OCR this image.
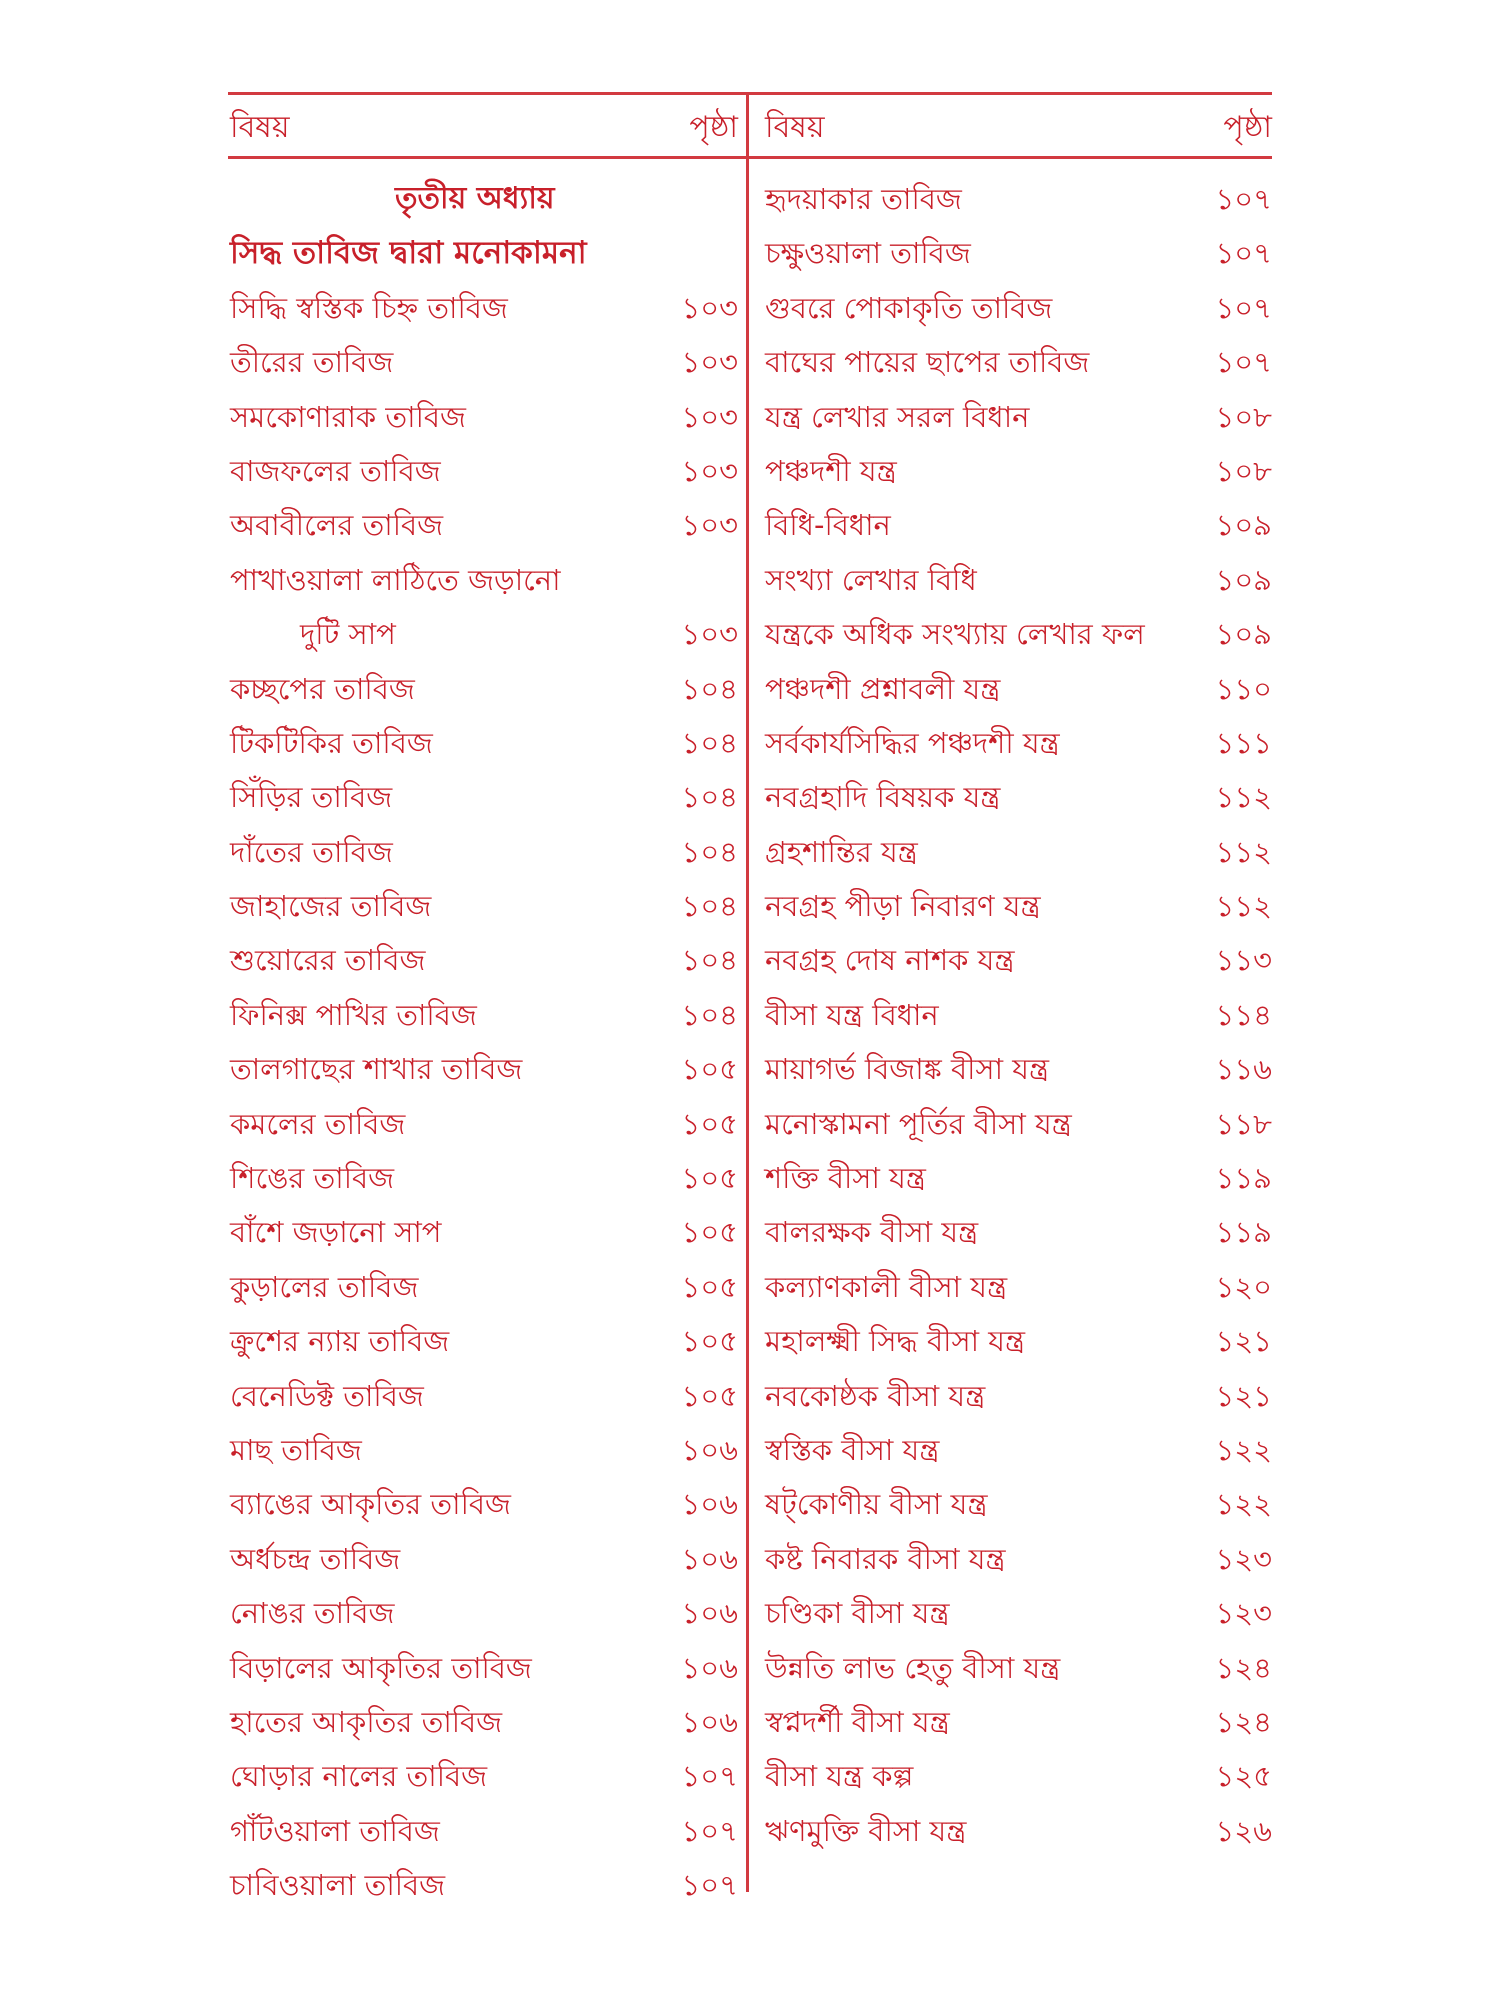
বিষয়	পৃষ্ঠা বিষয়	পৃষ্ঠা
তৃতীয় অধ্যায়
সিদ্ধ তাবিজ দ্বারা মনোকামনা
সিদ্ধি স্বস্তিক চিহ্ন তাবিজ	১০৩
তীরের তাবিজ	১০৩
সমকোণারাক তাবিজ	১০৩
বাজফলের তাবিজ	১০৩
অবাবীলের তাবিজ	১০৩
পাখাওয়ালা লাঠিতে জড়ানো
দুটি সাপ	১০৩
কচ্ছপের তাবিজ	১০৪
টিকটিকির তাবিজ	১০৪
সিঁড়ির তাবিজ	১০৪
দাঁতের তাবিজ	১০৪
জাহাজের তাবিজ	১০৪
শুয়োরের তাবিজ	১০৪
ফিনিক্স পাখির তাবিজ	১০৪
তালগাছের শাখার তাবিজ	১০৫
কমলের তাবিজ	১০৫
শিঙের তাবিজ	১০৫
বাঁশে জড়ানো সাপ	১০৫
কুড়ালের তাবিজ	১০৫
ক্রুশের ন্যায় তাবিজ	১০৫
বেনেডিক্ট তাবিজ	১০৫
মাছ তাবিজ	১০৬
ব্যাঙের আকৃতির তাবিজ	১০৬
অর্ধচন্দ্র তাবিজ	১০৬
নোঙর তাবিজ	১০৬
বিড়ালের আকৃতির তাবিজ	১০৬
হাতের আকৃতির তাবিজ	১০৬
ঘোড়ার নালের তাবিজ	১০৭
গাঁটওয়ালা তাবিজ	১০৭
চাবিওয়ালা তাবিজ	১০৭
হৃদয়াকার তাবিজ	১০৭
চক্ষুওয়ালা তাবিজ	১০৭
গুবরে পোকাকৃতি তাবিজ	১০৭
বাঘের পায়ের ছাপের তাবিজ	১০৭
যন্ত্র লেখার সরল বিধান	১০৮
পঞ্চদশী যন্ত্র	১০৮
বিধি-বিধান	১০৯
সংখ্যা লেখার বিধি	১০৯
যন্ত্রকে অধিক সংখ্যায় লেখার ফল ১০৯
পঞ্চদশী প্রশ্নাবলী যন্ত্র	১১০
সর্বকার্যসিদ্ধির পঞ্চদশী যন্ত্র	১১১
নবগ্রহাদি বিষয়ক যন্ত্র	১১২
গ্রহশান্তির যন্ত্র	১১২
নবগ্রহ পীড়া নিবারণ যন্ত্র	১১২
নবগ্রহ দোষ নাশক যন্ত্র	১১৩
বীসা যন্ত্র বিধান	১১৪
মায়াগর্ভ বিজাঙ্ক বীসা যন্ত্র	১১৬
মনোস্কামনা পূর্তির বীসা যন্ত্র	১১৮
শক্তি বীসা যন্ত্র	১১৯
বালরক্ষক বীসা যন্ত্র	১১৯
কল্যাণকালী বীসা যন্ত্র	১২০
মহালক্ষ্মী সিদ্ধ বীসা যন্ত্র	১২১
নবকোষ্ঠক বীসা যন্ত্র	১২১
স্বস্তিক বীসা যন্ত্র	১২২
ষট্‌কোণীয় বীসা যন্ত্র	১২২
কষ্ট নিবারক বীসা যন্ত্র	১২৩
চণ্ডিকা বীসা যন্ত্র	১২৩
উন্নতি লাভ হেতু বীসা যন্ত্র	১২৪
স্বপ্নদর্শী বীসা যন্ত্র	১২৪
বীসা যন্ত্র কল্প	১২৫
ঋণমুক্তি বীসা যন্ত্র	১২৬
